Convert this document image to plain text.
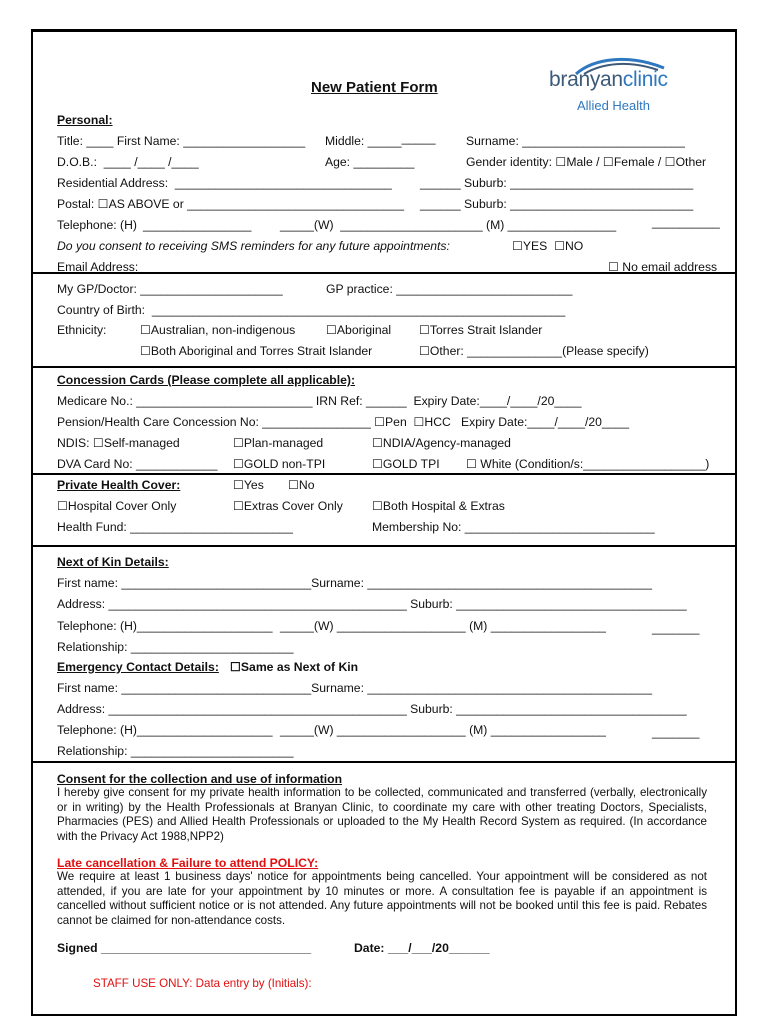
branyanclinic
Allied Health
New Patient Form
Personal:
Title: ____ First Name: __________________ Middle: __________	Surname: ________________________
D.O.B.:  ____ /____ /____	Age: _________	Gender identity: ☐Male / ☐Female / ☐Other
Residential Address:  ________________________________ ______ Suburb: ___________________________
Postal: ☐AS ABOVE or ________________________________ ______ Suburb: ___________________________
Telephone: (H) ________________ _____(W)  _____________________ (M) ________________	__________
Do you consent to receiving SMS reminders for any future appointments:	☐YES  ☐NO
Email Address:	☐ No email address
My GP/Doctor: _____________________	GP practice: __________________________
Country of Birth:  _____________________________________________________________
Ethnicity:	☐Australian, non-indigenous	☐Aboriginal ☐Torres Strait Islander
☐Both Aboriginal and Torres Strait Islander	☐Other: ______________(Please specify)
Concession Cards (Please complete all applicable):
Medicare No.: __________________________ IRN Ref: ______  Expiry Date:____/____/20____
Pension/Health Care Concession No: ________________ ☐Pen  ☐HCC   Expiry Date:____/____/20____
NDIS: ☐Self-managed	☐Plan-managed	☐NDIA/Agency-managed
DVA Card No: ____________ ☐GOLD non-TPI	☐GOLD TPI ☐ White (Condition/s:__________________)
Private Health Cover:	☐Yes ☐No
☐Hospital Cover Only	☐Extras Cover Only ☐Both Hospital & Extras
Health Fund: ________________________	Membership No: ____________________________
Next of Kin Details:
First name: ____________________________Surname: __________________________________________
Address: ____________________________________________ Suburb: __________________________________
Telephone: (H)____________________ _____(W) ___________________ (M) _________________	_______
Relationship: ________________________
Emergency Contact Details: ☐Same as Next of Kin
First name: ____________________________Surname: __________________________________________
Address: ____________________________________________ Suburb: __________________________________
Telephone: (H)____________________ _____(W) ___________________ (M) _________________	_______
Relationship: ________________________
Consent for the collection and use of information
I hereby give consent for my private health information to be collected, communicated and transferred (verbally, electronically or in writing) by the Health Professionals at Branyan Clinic, to coordinate my care with other treating Doctors, Specialists, Pharmacies (PES) and Allied Health Professionals or uploaded to the My Health Record System as required. (In accordance with the Privacy Act 1988,NPP2)
Late cancellation & Failure to attend POLICY:
We require at least 1 business days' notice for appointments being cancelled. Your appointment will be considered as not attended, if you are late for your appointment by 10 minutes or more. A consultation fee is payable if an appointment is cancelled without sufficient notice or is not attended. Any future appointments will not be booked until this fee is paid. Rebates cannot be claimed for non-attendance costs.
Signed _______________________________	Date: ___/___/20______
STAFF USE ONLY: Data entry by (Initials):
